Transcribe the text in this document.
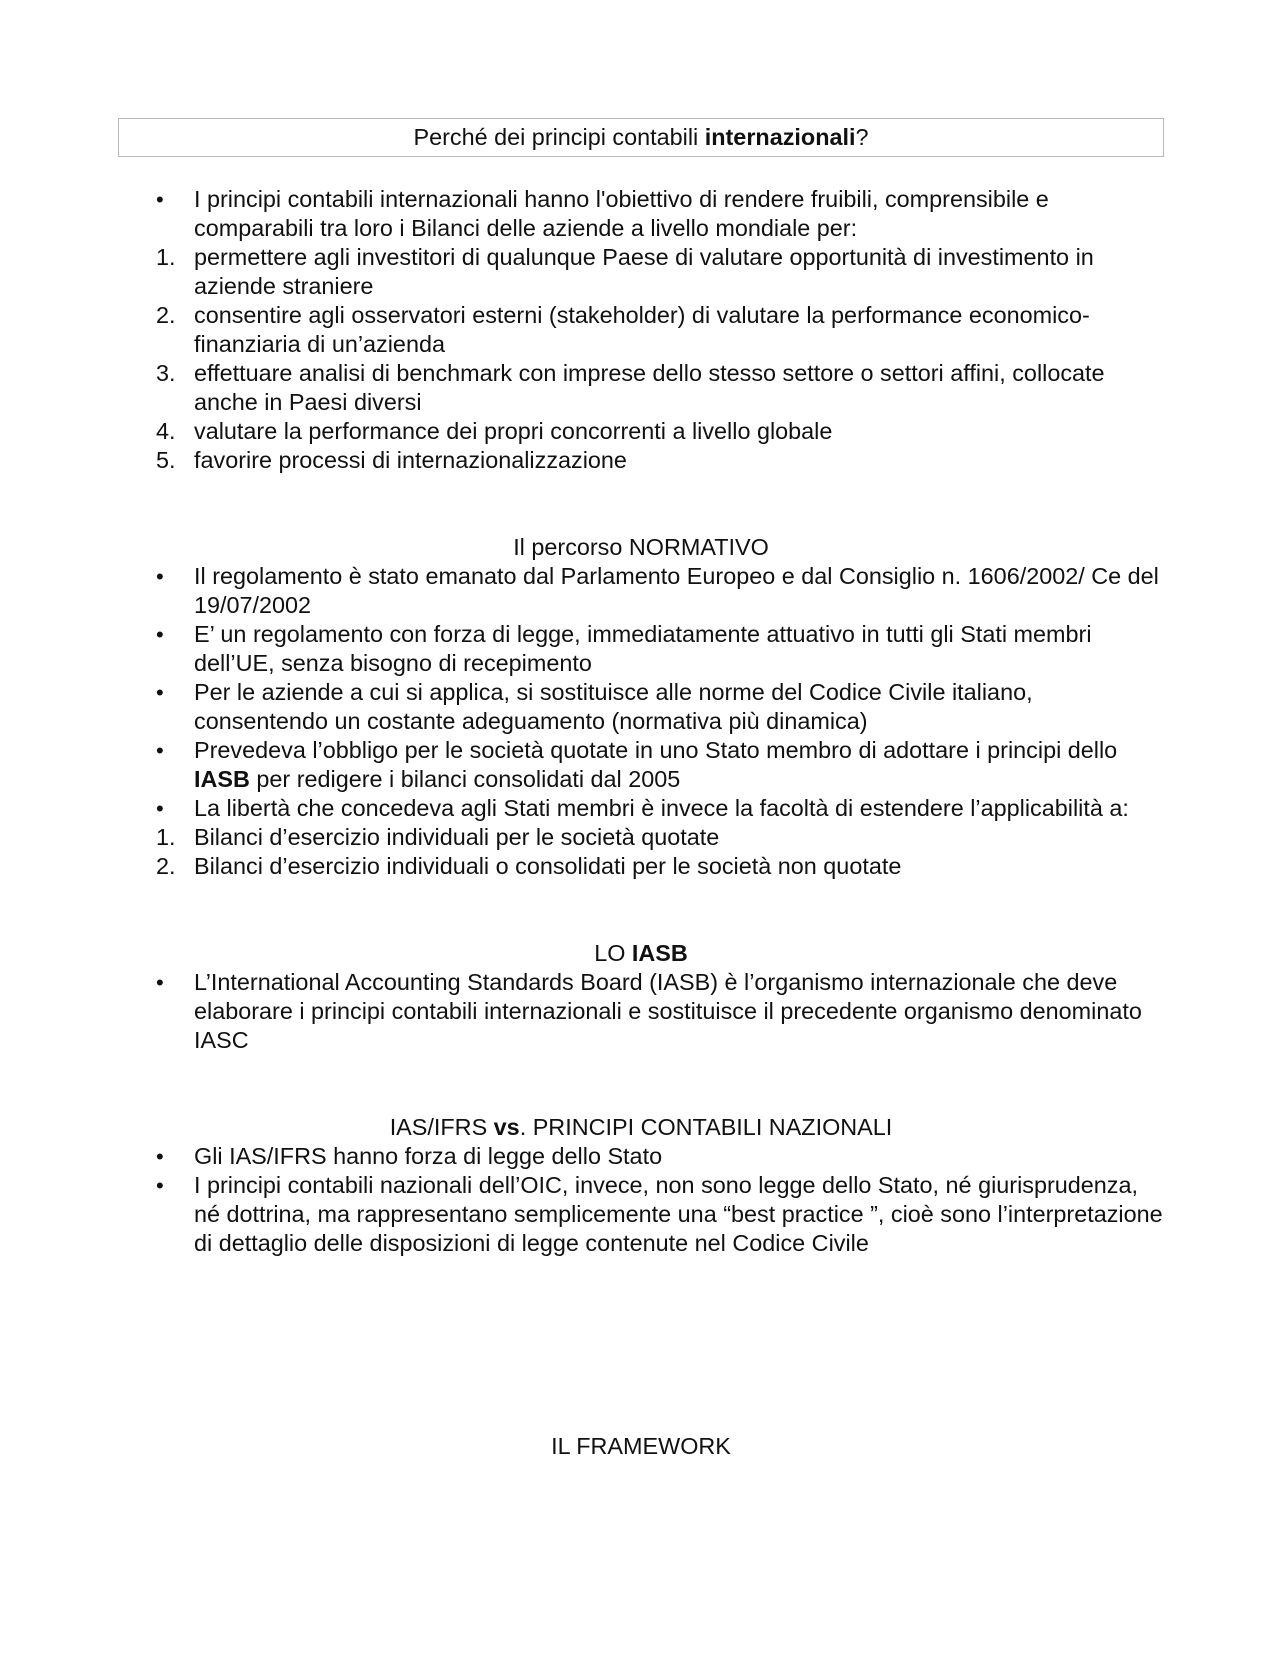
Perché dei principi contabili internazionali?
• I principi contabili internazionali hanno l'obiettivo di rendere fruibili, comprensibile e comparabili tra loro i Bilanci delle aziende a livello mondiale per:
1. permettere agli investitori di qualunque Paese di valutare opportunità di investimento in aziende straniere
2. consentire agli osservatori esterni (stakeholder) di valutare la performance economico-finanziaria di un’azienda
3. effettuare analisi di benchmark con imprese dello stesso settore o settori affini, collocate anche in Paesi diversi
4. valutare la performance dei propri concorrenti a livello globale
5. favorire processi di internazionalizzazione
Il percorso NORMATIVO
• Il regolamento è stato emanato dal Parlamento Europeo e dal Consiglio n. 1606/2002/ Ce del 19/07/2002
• E’ un regolamento con forza di legge, immediatamente attuativo in tutti gli Stati membri dell’UE, senza bisogno di recepimento
• Per le aziende a cui si applica, si sostituisce alle norme del Codice Civile italiano, consentendo un costante adeguamento (normativa più dinamica)
• Prevedeva l’obbligo per le società quotate in uno Stato membro di adottare i principi dello IASB per redigere i bilanci consolidati dal 2005
• La libertà che concedeva agli Stati membri è invece la facoltà di estendere l’applicabilità a:
1. Bilanci d’esercizio individuali per le società quotate
2. Bilanci d’esercizio individuali o consolidati per le società non quotate
LO IASB
• L’International Accounting Standards Board (IASB) è l’organismo internazionale che deve elaborare i principi contabili internazionali e sostituisce il precedente organismo denominato IASC
IAS/IFRS vs. PRINCIPI CONTABILI NAZIONALI
• Gli IAS/IFRS hanno forza di legge dello Stato
• I principi contabili nazionali dell’OIC, invece, non sono legge dello Stato, né giurisprudenza, né dottrina, ma rappresentano semplicemente una “best practice ”, cioè sono l’interpretazione di dettaglio delle disposizioni di legge contenute nel Codice Civile
IL FRAMEWORK
